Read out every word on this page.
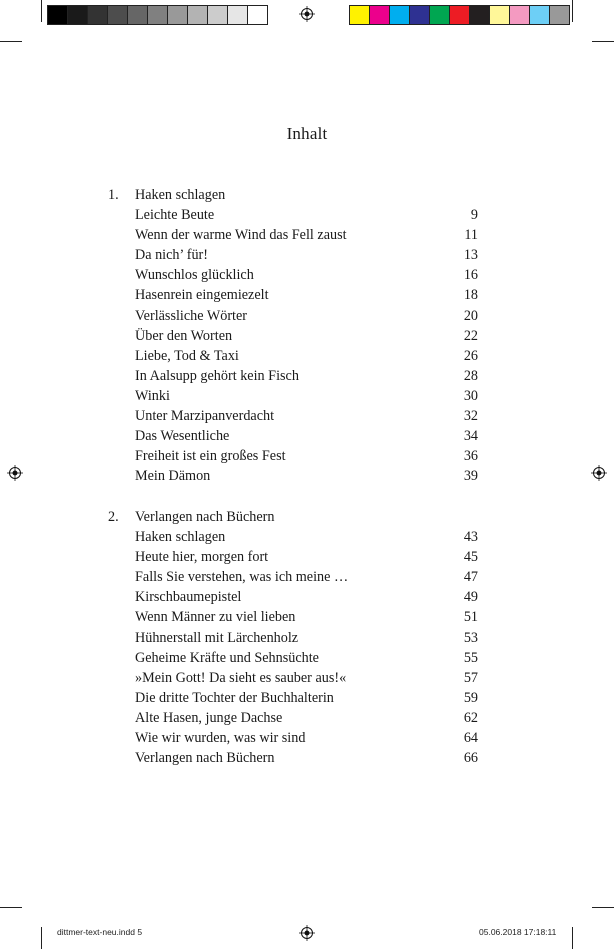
Inhalt
1. Haken schlagen
Leichte Beute	9
Wenn der warme Wind das Fell zaust	11
Da nich’ für!	13
Wunschlos glücklich	16
Hasenrein eingemiezelt	18
Verlässliche Wörter	20
Über den Worten	22
Liebe, Tod & Taxi	26
In Aalsupp gehört kein Fisch	28
Winki	30
Unter Marzipanverdacht	32
Das Wesentliche	34
Freiheit ist ein großes Fest	36
Mein Dämon	39
2. Verlangen nach Büchern
Haken schlagen	43
Heute hier, morgen fort	45
Falls Sie verstehen, was ich meine …	47
Kirschbaumepistel	49
Wenn Männer zu viel lieben	51
Hühnerstall mit Lärchenholz	53
Geheime Kräfte und Sehnsüchte	55
»Mein Gott! Da sieht es sauber aus!«	57
Die dritte Tochter der Buchhalterin	59
Alte Hasen, junge Dachse	62
Wie wir wurden, was wir sind	64
Verlangen nach Büchern	66
dittmer-text-neu.indd 5	05.06.2018 17:18:11
